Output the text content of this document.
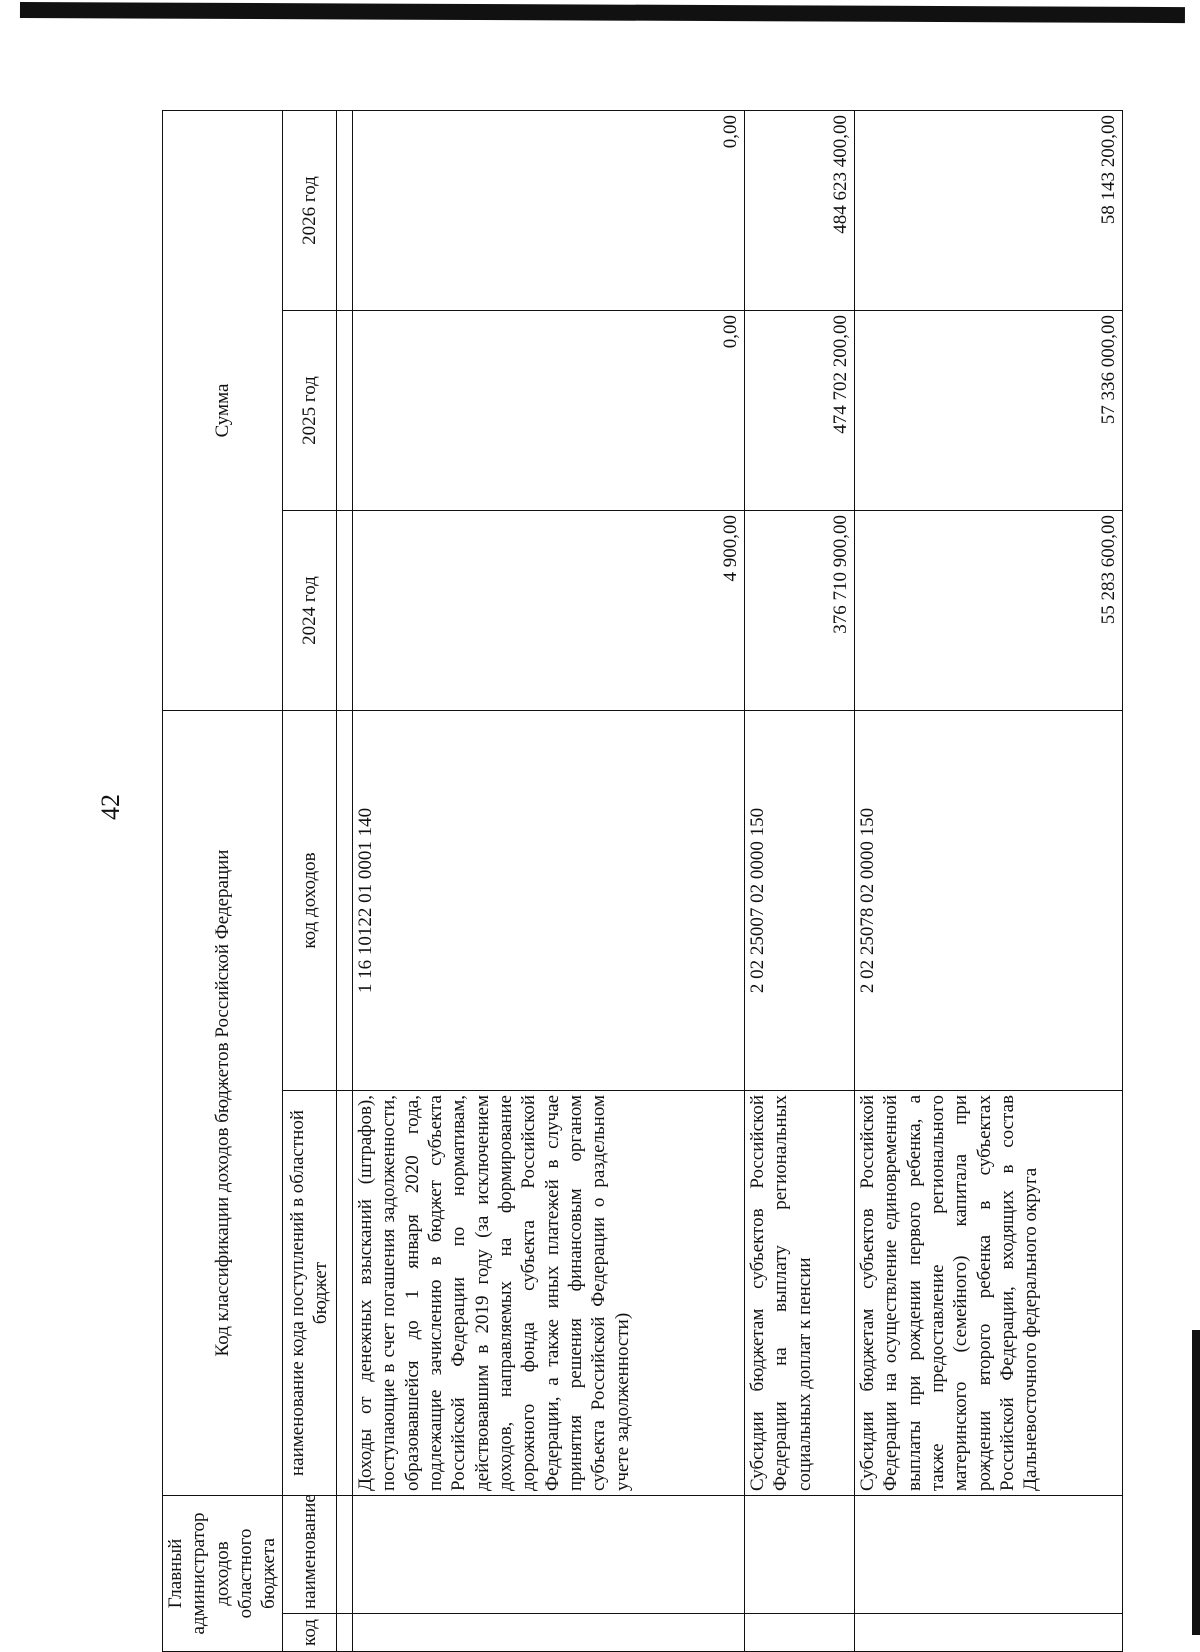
42
Главный администратор доходов областного бюджета		Код классификации доходов бюджетов Российской Федерации		Сумма		
код	наименование	наименование кода поступлений в областной бюджет	код доходов	2024 год	2025 год	2026 год

		Доходы от денежных взысканий (штрафов), поступающие в счет погашения задолженности, образовавшейся до 1 января 2020 года, подлежащие зачислению в бюджет субъекта Российской Федерации по нормативам, действовавшим в 2019 году (за исключением доходов, направляемых на формирование дорожного фонда субъекта Российской Федерации, а также иных платежей в случае принятия решения финансовым органом субъекта Российской Федерации о раздельном учете задолженности)	1 16 10122 01 0001 140	4 900,00	0,00	0,00
		Субсидии бюджетам субъектов Российской Федерации на выплату региональных социальных доплат к пенсии	2 02 25007 02 0000 150	376 710 900,00	474 702 200,00	484 623 400,00
		Субсидии бюджетам субъектов Российской Федерации на осуществление единовременной выплаты при рождении первого ребенка, а также предоставление регионального материнского (семейного) капитала при рождении второго ребенка в субъектах Российской Федерации, входящих в состав Дальневосточного федерального округа	2 02 25078 02 0000 150	55 283 600,00	57 336 000,00	58 143 200,00
